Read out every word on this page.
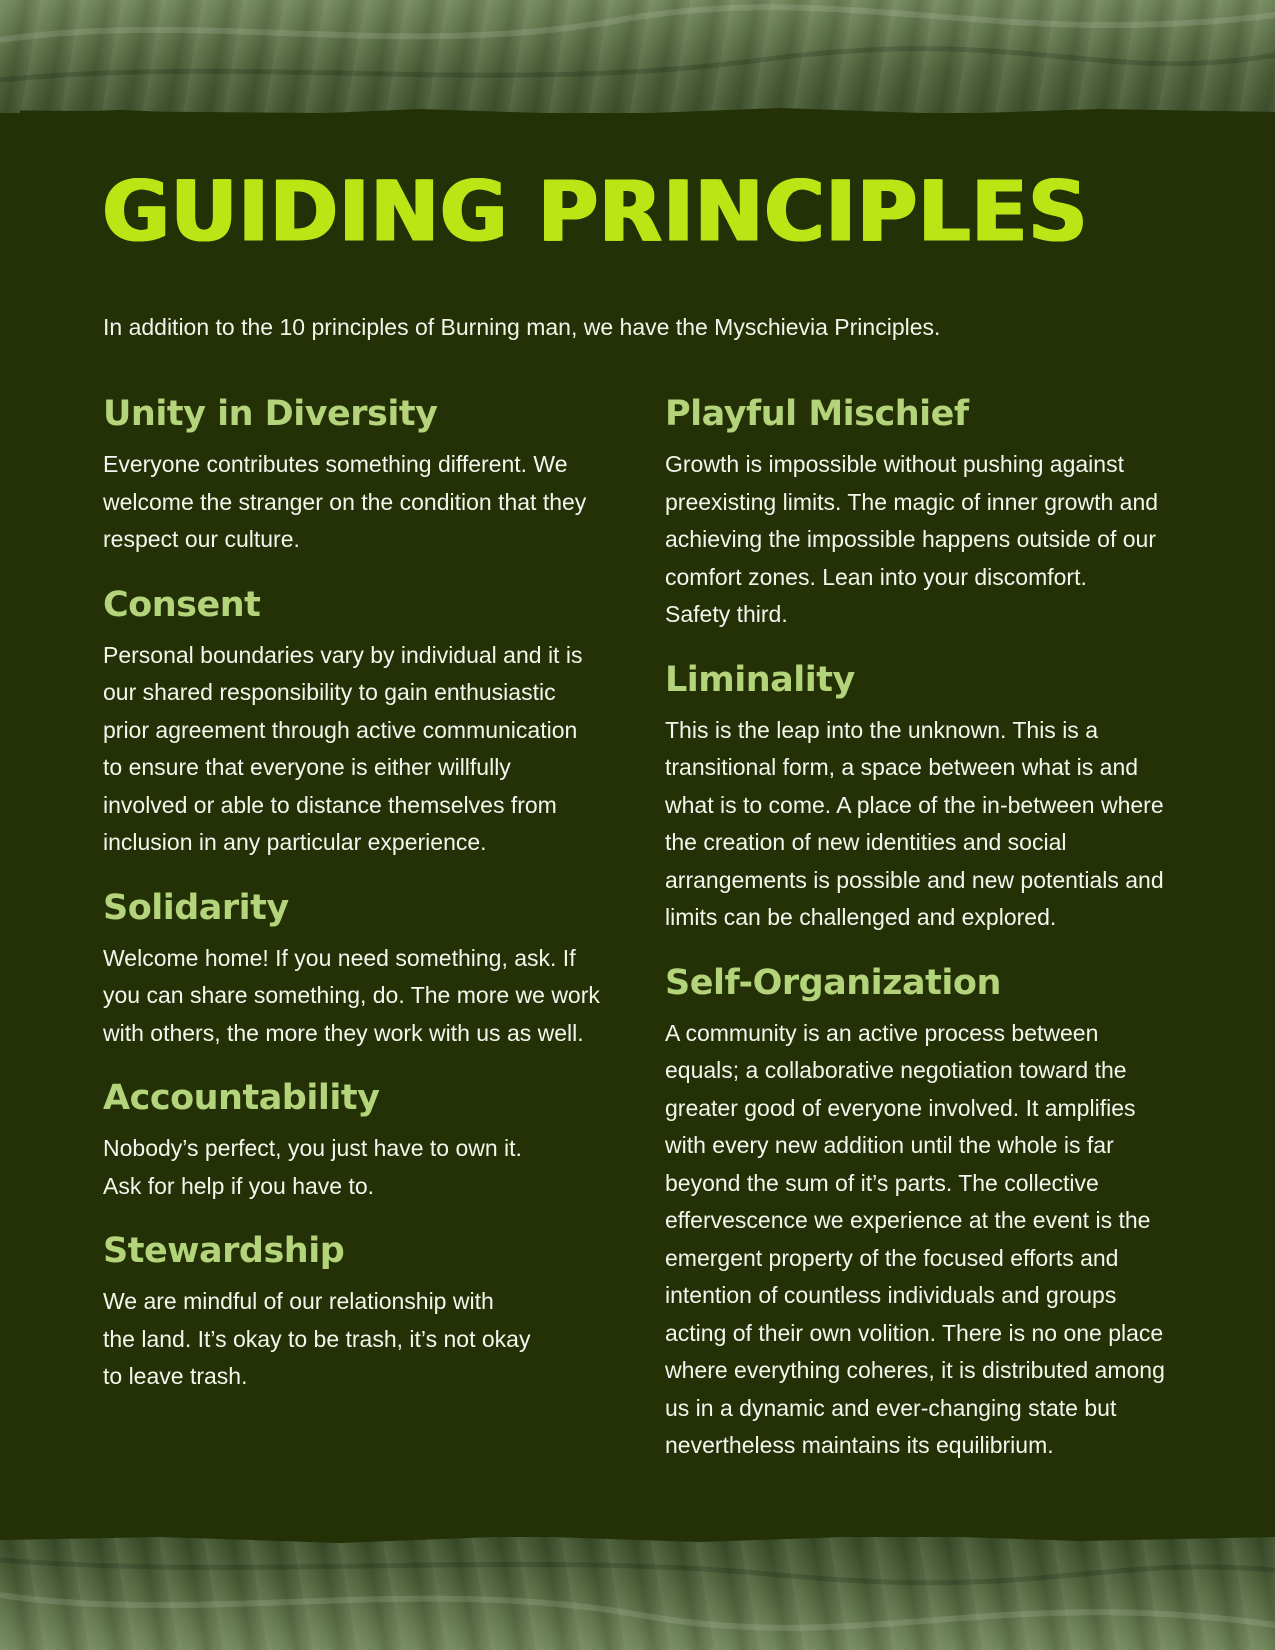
GUIDING PRINCIPLES

In addition to the 10 principles of Burning man, we have the Myschievia Principles.

Unity in Diversity

Everyone contributes something different. We
welcome the stranger on the condition that they
respect our culture.

Consent

Personal boundaries vary by individual and it is
our shared responsibility to gain enthusiastic
prior agreement through active communication
to ensure that everyone is either willfully
involved or able to distance themselves from
inclusion in any particular experience.

Solidarity

Welcome home! If you need something, ask. If
you can share something, do. The more we work
with others, the more they work with us as well.

Accountability

Nobody’s perfect, you just have to own it.
Ask for help if you have to.

Stewardship

We are mindful of our relationship with
the land. It’s okay to be trash, it’s not okay
to leave trash.

Playful Mischief

Growth is impossible without pushing against
preexisting limits. The magic of inner growth and
achieving the impossible happens outside of our
comfort zones. Lean into your discomfort.
Safety third.

Liminality

This is the leap into the unknown. This is a
transitional form, a space between what is and
what is to come. A place of the in-between where
the creation of new identities and social
arrangements is possible and new potentials and
limits can be challenged and explored.

Self-Organization

A community is an active process between
equals; a collaborative negotiation toward the
greater good of everyone involved. It amplifies
with every new addition until the whole is far
beyond the sum of it’s parts. The collective
effervescence we experience at the event is the
emergent property of the focused efforts and
intention of countless individuals and groups
acting of their own volition. There is no one place
where everything coheres, it is distributed among
us in a dynamic and ever-changing state but
nevertheless maintains its equilibrium.
